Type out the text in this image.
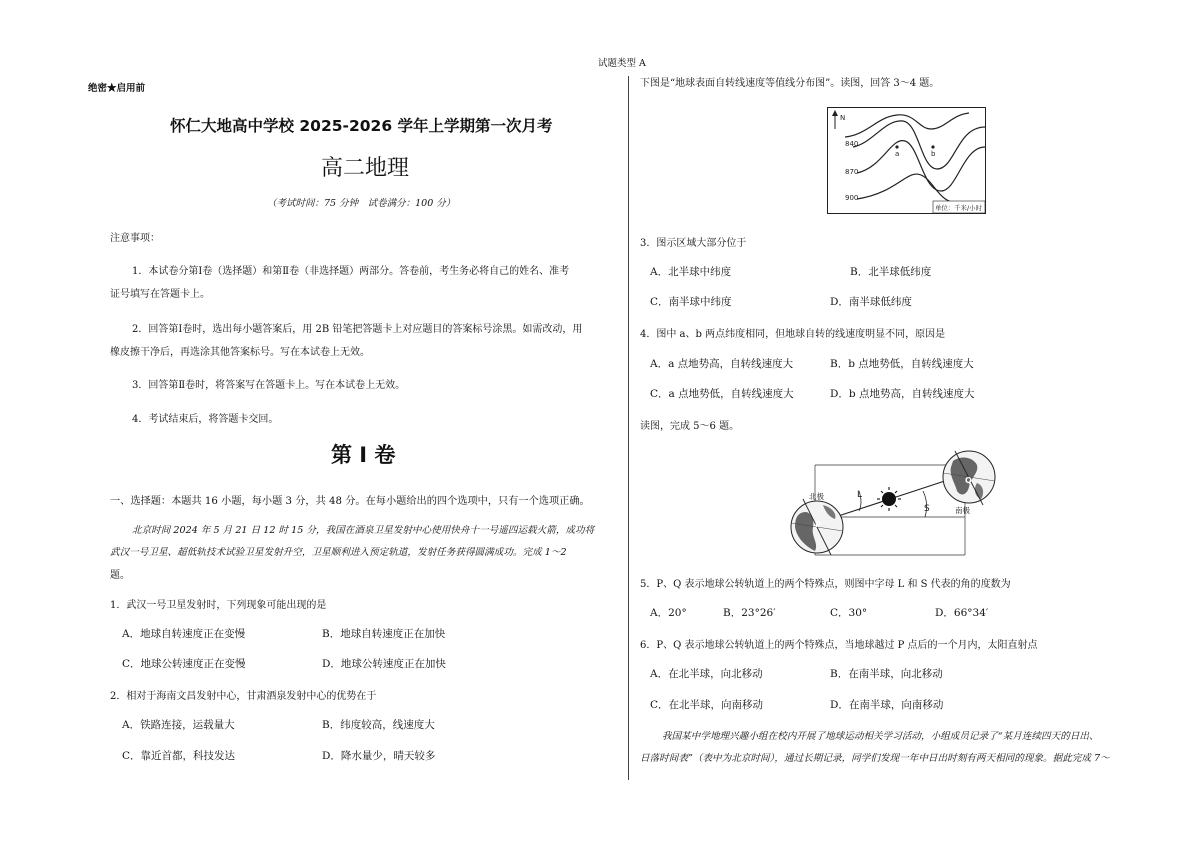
试题类型 A
绝密★启用前
怀仁大地高中学校 2025-2026 学年上学期第一次月考
高二地理
（考试时间：75 分钟　试卷满分：100 分）
注意事项：
1．本试卷分第Ⅰ卷（选择题）和第Ⅱ卷（非选择题）两部分。答卷前，考生务必将自己的姓名、准考
证号填写在答题卡上。
2．回答第Ⅰ卷时，选出每小题答案后，用 2B 铅笔把答题卡上对应题目的答案标号涂黑。如需改动，用
橡皮擦干净后，再选涂其他答案标号。写在本试卷上无效。
3．回答第Ⅱ卷时，将答案写在答题卡上。写在本试卷上无效。
4．考试结束后，将答题卡交回。
第 I 卷
一、选择题：本题共 16 小题，每小题 3 分，共 48 分。在每小题给出的四个选项中，只有一个选项正确。
北京时间 2024 年 5 月 21 日 12 时 15 分，我国在酒泉卫星发射中心使用快舟十一号遥四运载火箭，成功将
武汉一号卫星、超低轨技术试验卫星发射升空，卫星顺利进入预定轨道，发射任务获得圆满成功。完成 1～2
题。
1．武汉一号卫星发射时，下列现象可能出现的是
A．地球自转速度正在变慢	B．地球自转速度正在加快
C．地球公转速度正在变慢	D．地球公转速度正在加快
2．相对于海南文昌发射中心，甘肃酒泉发射中心的优势在于
A．铁路连接，运载量大	B．纬度较高，线速度大
C．靠近首都，科技发达	D．降水量少，晴天较多
下图是“地球表面自转线速度等值线分布图”。读图，回答 3～4 题。
N
840
870
900
a	b
单位：千米/小时
3．图示区域大部分位于
A．北半球中纬度	B．北半球低纬度
C．南半球中纬度	D．南半球低纬度
4．图中 a、b 两点纬度相同，但地球自转的线速度明显不同，原因是
A．a 点地势高，自转线速度大	B．b 点地势低，自转线速度大
C．a 点地势低，自转线速度大	D．b 点地势高，自转线速度大
读图，完成 5～6 题。
L
S
P
北极
Q
南极
5．P、Q 表示地球公转轨道上的两个特殊点，则图中字母 L 和 S 代表的角的度数为
A．20°	B．23°26′	C．30°	D．66°34′
6．P、Q 表示地球公转轨道上的两个特殊点，当地球越过 P 点后的一个月内，太阳直射点
A．在北半球，向北移动	B．在南半球，向北移动
C．在北半球，向南移动	D．在南半球，向南移动
我国某中学地理兴趣小组在校内开展了地球运动相关学习活动，小组成员记录了“某月连续四天的日出、
日落时间表”（表中为北京时间），通过长期记录，同学们发现一年中日出时刻有两天相同的现象。据此完成 7～
